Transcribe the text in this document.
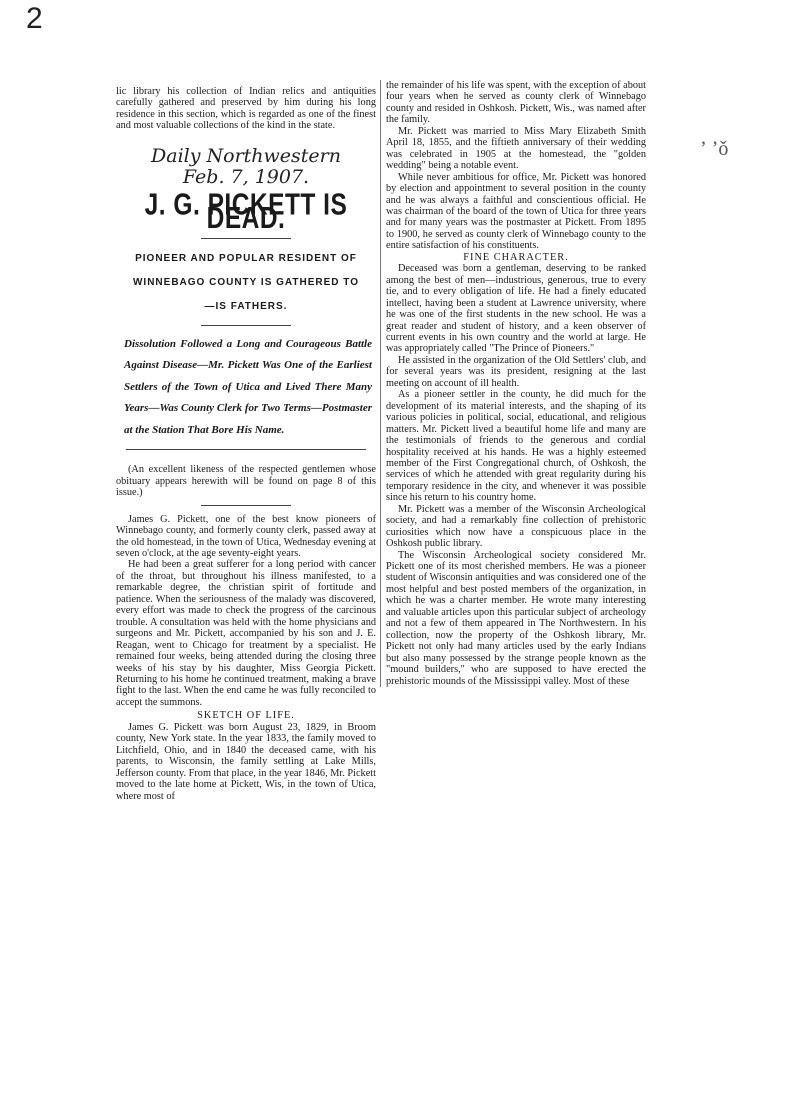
2
ʼ ʼǒ

lic library his collection of Indian relics and antiquities carefully gathered and preserved by him during his long residence in this section, which is regarded as one of the finest and most valuable collections of the kind in the state.

Daily Northwestern
Feb. 7, 1907.
J. G. PICKETT IS DEAD.
PIONEER AND POPULAR RESIDENT OF WINNEBAGO COUNTY IS GATHERED TO —IS FATHERS.
Dissolution Followed a Long and Courageous Battle Against Disease—Mr. Pickett Was One of the Earliest Settlers of the Town of Utica and Lived There Many Years—Was County Clerk for Two Terms—Postmaster at the Station That Bore His Name.

(An excellent likeness of the respected gentlemen whose obituary appears herewith will be found on page 8 of this issue.)

James G. Pickett, one of the best know pioneers of Winnebago county, and formerly county clerk, passed away at the old homestead, in the town of Utica, Wednesday evening at seven o'clock, at the age seventy-eight years.

He had been a great sufferer for a long period with cancer of the throat, but throughout his illness manifested, to a remarkable degree, the christian spirit of fortitude and patience. When the seriousness of the malady was discovered, every effort was made to check the progress of the carcinous trouble. A consultation was held with the home physicians and surgeons and Mr. Pickett, accompanied by his son and J. E. Reagan, went to Chicago for treatment by a specialist. He remained four weeks, being attended during the closing three weeks of his stay by his daughter, Miss Georgia Pickett. Returning to his home he continued treatment, making a brave fight to the last. When the end came he was fully reconciled to accept the summons.

SKETCH OF LIFE.

James G. Pickett was born August 23, 1829, in Broom county, New York state. In the year 1833, the family moved to Litchfield, Ohio, and in 1840 the deceased came, with his parents, to Wisconsin, the family settling at Lake Mills, Jefferson county. From that place, in the year 1846, Mr. Pickett moved to the late home at Pickett, Wis, in the town of Utica, where most of

the remainder of his life was spent, with the exception of about four years when he served as county clerk of Winnebago county and resided in Oshkosh. Pickett, Wis., was named after the family.

Mr. Pickett was married to Miss Mary Elizabeth Smith April 18, 1855, and the fiftieth anniversary of their wedding was celebrated in 1905 at the homestead, the "golden wedding" being a notable event.

While never ambitious for office, Mr. Pickett was honored by election and appointment to several position in the county and he was always a faithful and conscientious official. He was chairman of the board of the town of Utica for three years and for many years was the postmaster at Pickett. From 1895 to 1900, he served as county clerk of Winnebago county to the entire satisfaction of his constituents.

FINE CHARACTER.

Deceased was born a gentleman, deserving to be ranked among the best of men—industrious, generous, true to every tie, and to every obligation of life. He had a finely educated intellect, having been a student at Lawrence university, where he was one of the first students in the new school. He was a great reader and student of history, and a keen observer of current events in his own country and the world at large. He was appropriately called "The Prince of Pioneers."

He assisted in the organization of the Old Settlers' club, and for several years was its president, resigning at the last meeting on account of ill health.

As a pioneer settler in the county, he did much for the development of its material interests, and the shaping of its various policies in political, social, educational, and religious matters. Mr. Pickett lived a beautiful home life and many are the testimonials of friends to the generous and cordial hospitality received at his hands. He was a highly esteemed member of the First Congregational church, of Oshkosh, the services of which he attended with great regularity during his temporary residence in the city, and whenever it was possible since his return to his country home.

Mr. Pickett was a member of the Wisconsin Archeological society, and had a remarkably fine collection of prehistoric curiosities which now have a conspicuous place in the Oshkosh public library.

The Wisconsin Archeological society considered Mr. Pickett one of its most cherished members. He was a pioneer student of Wisconsin antiquities and was considered one of the most helpful and best posted members of the organization, in which he was a charter member. He wrote many interesting and valuable articles upon this particular subject of archeology and not a few of them appeared in The Northwestern. In his collection, now the property of the Oshkosh library, Mr. Pickett not only had many articles used by the early Indians but also many possessed by the strange people known as the "mound builders," who are supposed to have erected the prehistoric mounds of the Mississippi valley. Most of these
